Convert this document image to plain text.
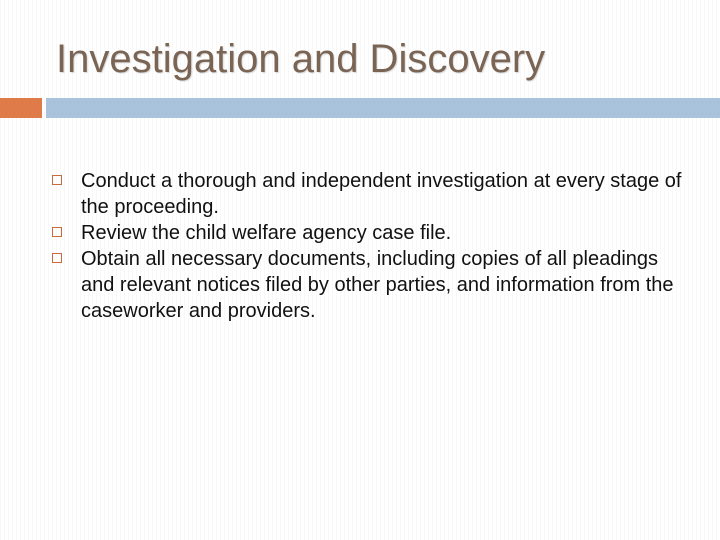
Investigation and Discovery
Conduct a thorough and independent investigation at every stage of the proceeding.
Review the child welfare agency case file.
Obtain all necessary documents, including copies of all pleadings and relevant notices filed by other parties, and information from the caseworker and providers.
